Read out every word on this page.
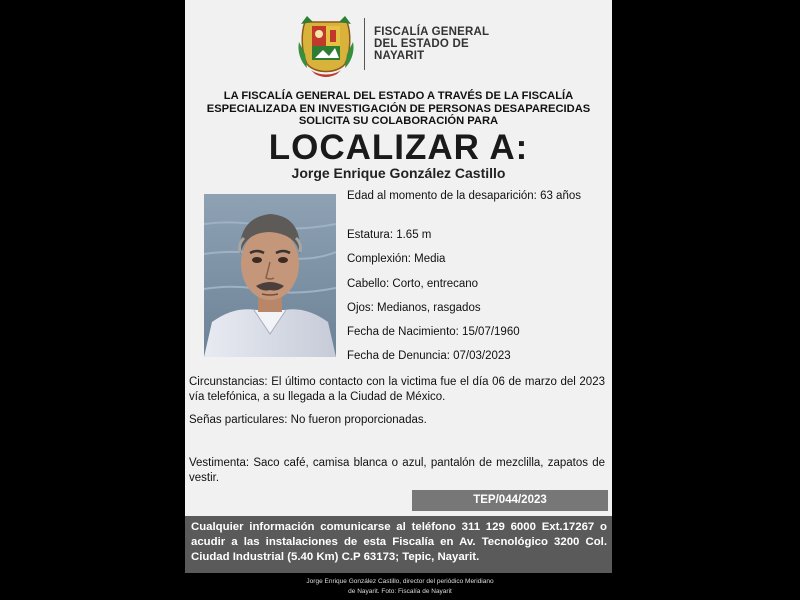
FISCALÍA GENERAL
DEL ESTADO DE
NAYARIT
LA FISCALÍA GENERAL DEL ESTADO A TRAVÉS DE LA FISCALÍA
ESPECIALIZADA EN INVESTIGACIÓN DE PERSONAS DESAPARECIDAS
SOLICITA SU COLABORACIÓN PARA
LOCALIZAR A:
Jorge Enrique González Castillo
Edad al momento de la desaparición: 63 años
Estatura: 1.65 m
Complexión: Media
Cabello: Corto, entrecano
Ojos: Medianos, rasgados
Fecha de Nacimiento: 15/07/1960
Fecha de Denuncia: 07/03/2023
Circunstancias: El último contacto con la victima fue el día 06 de marzo del 2023 vía telefónica, a su llegada a la Ciudad de México.
Señas particulares: No fueron proporcionadas.
Vestimenta: Saco café, camisa blanca o azul, pantalón de mezclilla, zapatos de vestir.
TEP/044/2023
Cualquier información comunicarse al teléfono 311 129 6000 Ext.17267 o acudir a las instalaciones de esta Fiscalía en Av. Tecnológico 3200 Col. Ciudad Industrial (5.40 Km) C.P 63173; Tepic, Nayarit.
Jorge Enrique González Castillo, director del periódico Meridiano
de Nayarit. Foto: Fiscalía de Nayarit
